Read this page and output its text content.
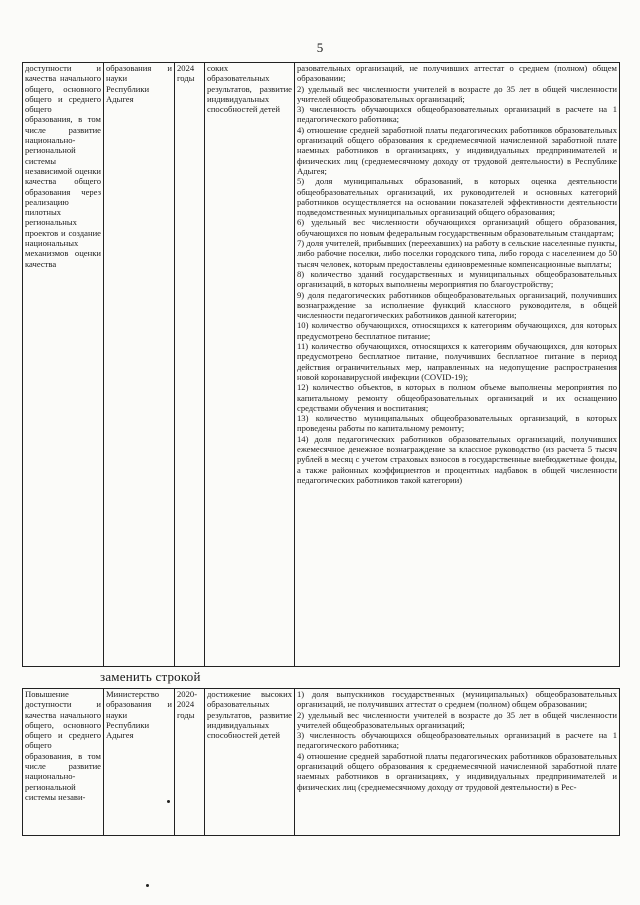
5
доступности и качества начального общего, основного общего и среднего общего образования, в том числе развитие национально-региональной системы независимой оценки качества общего образования через реализацию пилотных региональных проектов и создание национальных механизмов оценки качества	образования и науки Республики Адыгея	2024 годы	соких образовательных результатов, развитие индивидуальных способностей детей	
разовательных организаций, не получивших аттестат о среднем (полном) общем образовании;
2) удельный вес численности учителей в возрасте до 35 лет в общей численности учителей общеобразовательных организаций;
3) численность обучающихся общеобразовательных организаций в расчете на 1 педагогического работника;
4) отношение средней заработной платы педагогических работников образовательных организаций общего образования к среднемесячной начисленной заработной плате наемных работников в организациях, у индивидуальных предпринимателей и физических лиц (среднемесячному доходу от трудовой деятельности) в Республике Адыгея;
5) доля муниципальных образований, в которых оценка деятельности общеобразовательных организаций, их руководителей и основных категорий работников осуществляется на основании показателей эффективности деятельности подведомственных муниципальных организаций общего образования;
6) удельный вес численности обучающихся организаций общего образования, обучающихся по новым федеральным государственным образовательным стандартам;
7) доля учителей, прибывших (переехавших) на работу в сельские населенные пункты, либо рабочие поселки, либо поселки городского типа, либо города с населением до 50 тысяч человек, которым предоставлены единовременные компенсационные выплаты;
8) количество зданий государственных и муниципальных общеобразовательных организаций, в которых выполнены мероприятия по благоустройству;
9) доля педагогических работников общеобразовательных организаций, получивших вознаграждение за исполнение функций классного руководителя, в общей численности педагогических работников данной категории;
10) количество обучающихся, относящихся к категориям обучающихся, для которых предусмотрено бесплатное питание;
11) количество обучающихся, относящихся к категориям обучающихся, для которых предусмотрено бесплатное питание, получивших бесплатное питание в период действия ограничительных мер, направленных на недопущение распространения новой коронавирусной инфекции (COVID-19);
12) количество объектов, в которых в полном объеме выполнены мероприятия по капитальному ремонту общеобразовательных организаций и их оснащению средствами обучения и воспитания;
13) количество муниципальных общеобразовательных организаций, в которых проведены работы по капитальному ремонту;
14) доля педагогических работников образовательных организаций, получивших ежемесячное денежное вознаграждение за классное руководство (из расчета 5 тысяч рублей в месяц с учетом страховых взносов в государственные внебюджетные фонды, а также районных коэффициентов и процентных надбавок в общей численности педагогических работников такой категории)
заменить строкой
Повышение доступности и качества начального общего, основного общего и среднего общего образования, в том числе развитие национально-региональной системы незави-	Министерство образования и науки Республики Адыгея	2020-2024 годы	достижение высоких образовательных результатов, развитие индивидуальных способностей детей	
1) доля выпускников государственных (муниципальных) общеобразовательных организаций, не получивших аттестат о среднем (полном) общем образовании;
2) удельный вес численности учителей в возрасте до 35 лет в общей численности учителей общеобразовательных организаций;
3) численность обучающихся общеобразовательных организаций в расчете на 1 педагогического работника;
4) отношение средней заработной платы педагогических работников образовательных организаций общего образования к среднемесячной начисленной заработной плате наемных работников в организациях, у индивидуальных предпринимателей и физических лиц (среднемесячному доходу от трудовой деятельности) в Рес-
